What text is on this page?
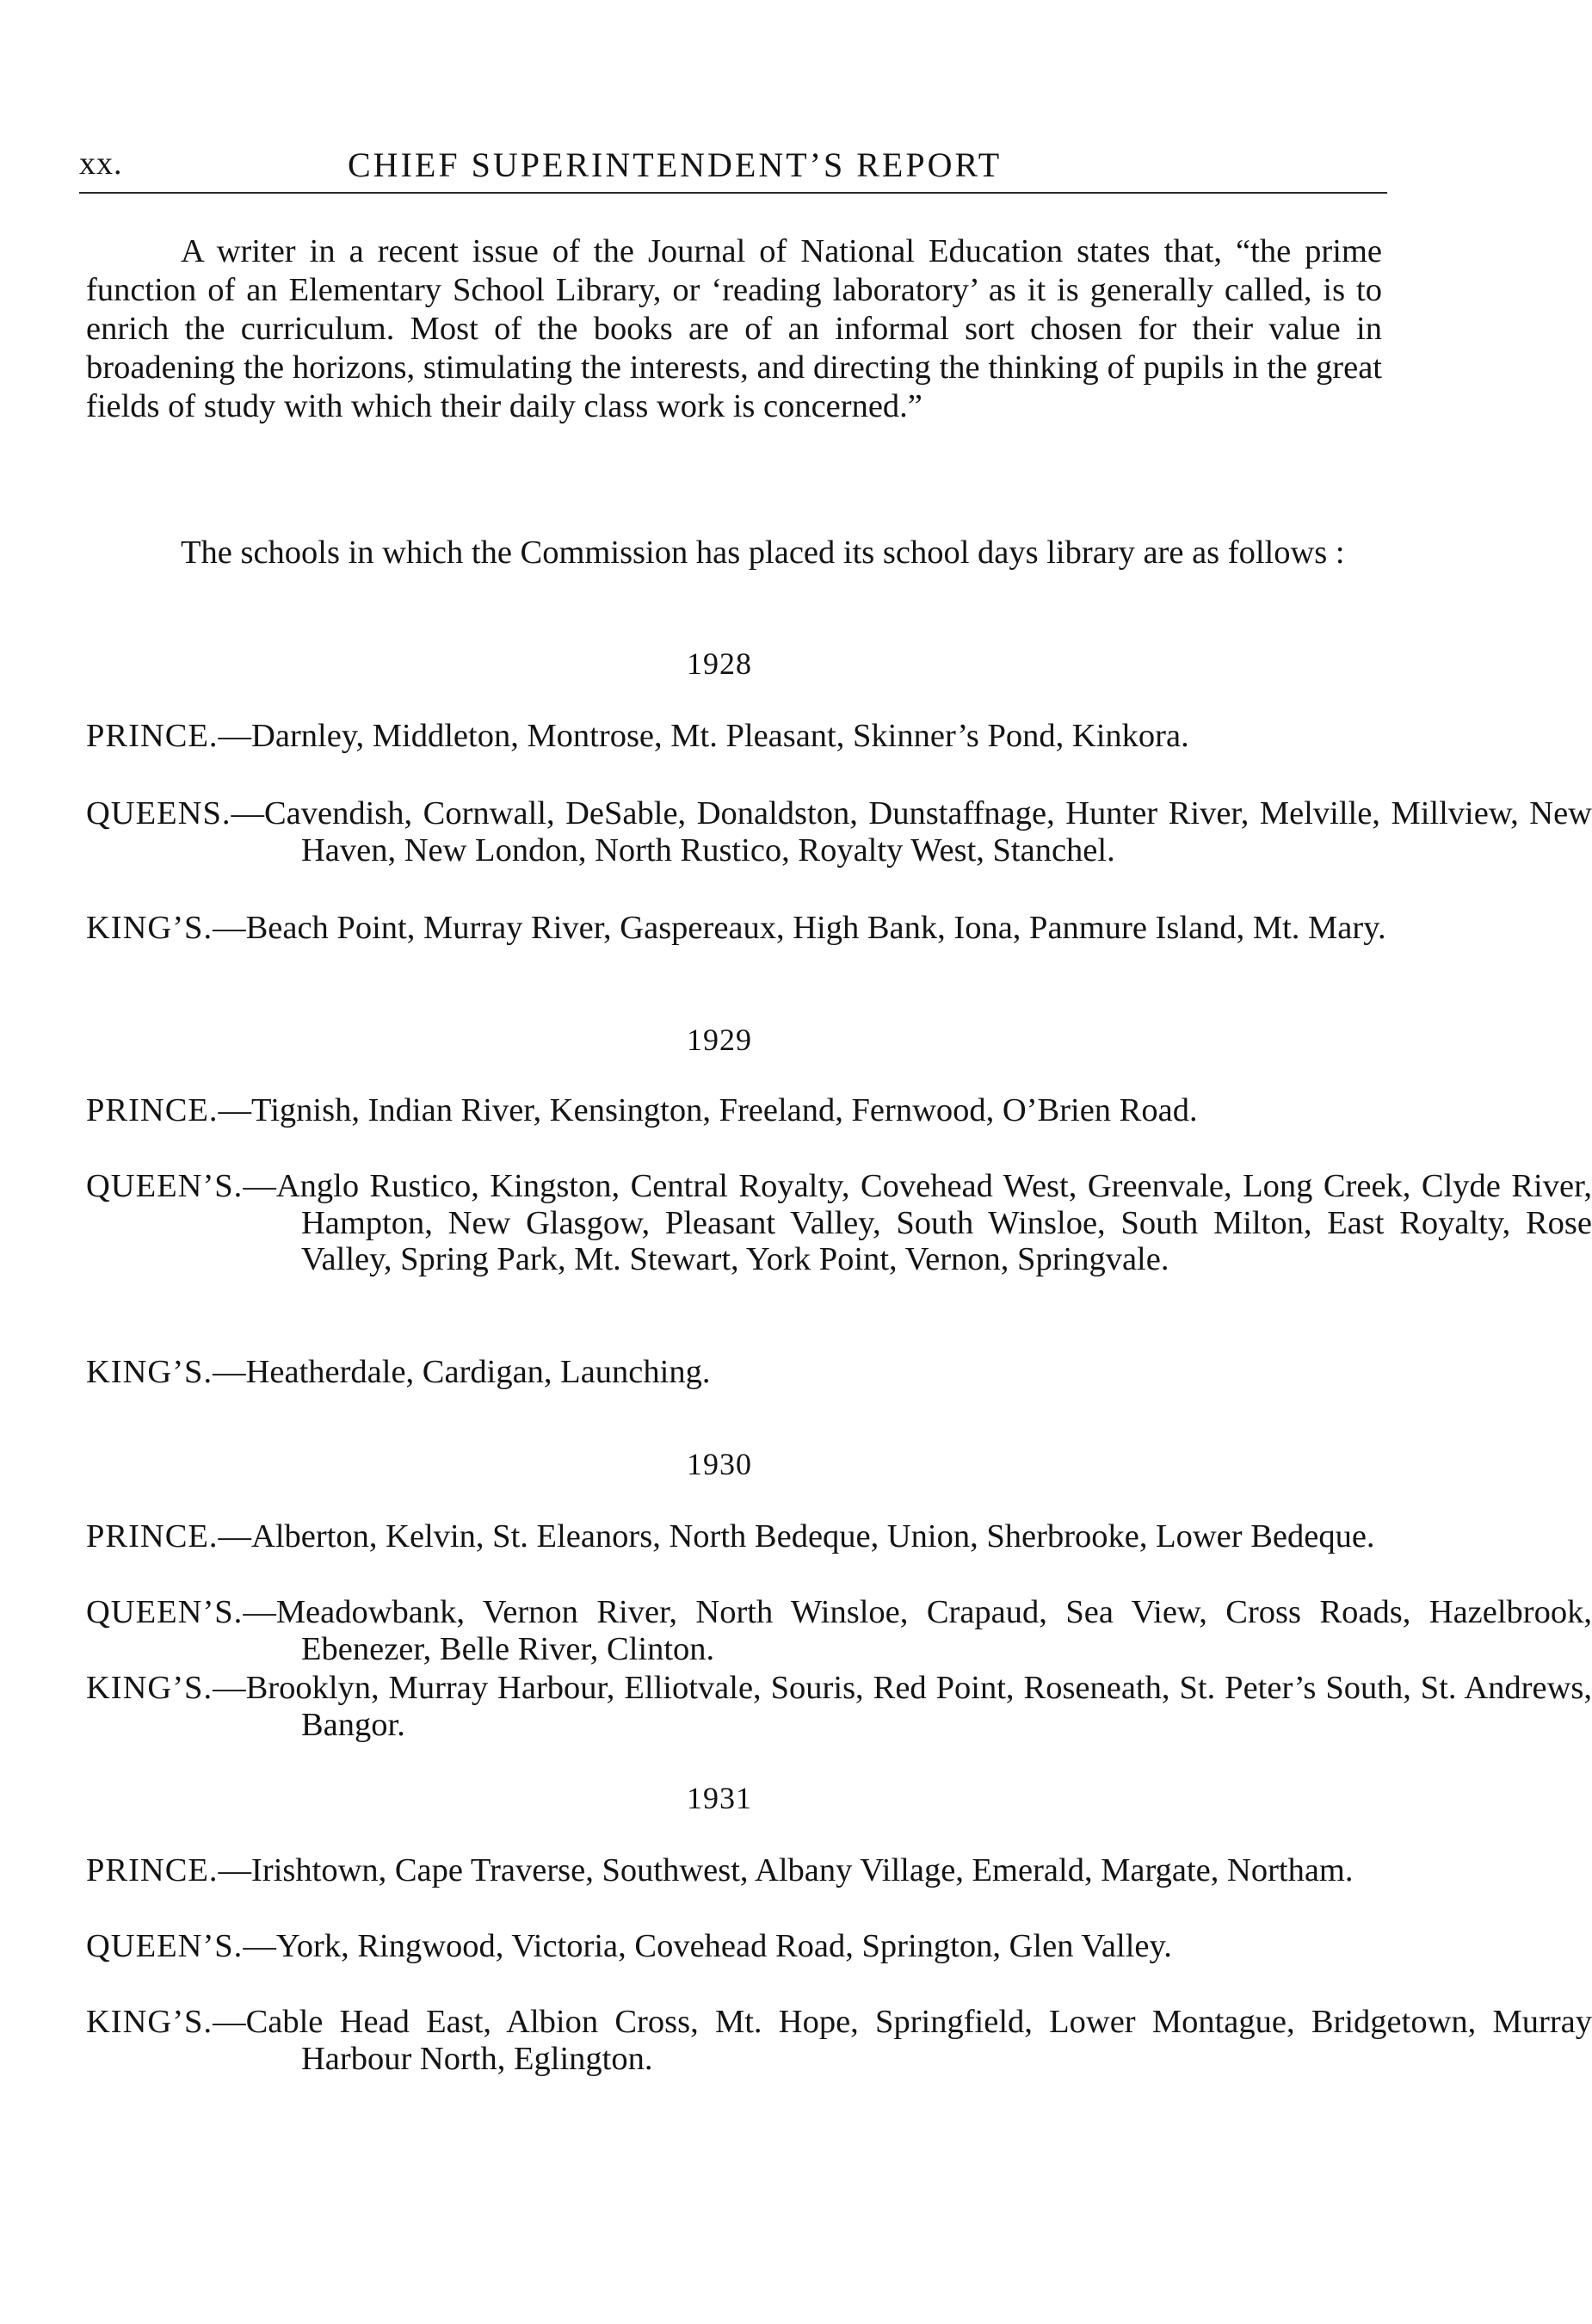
xx.	CHIEF SUPERINTENDENT’S REPORT

A writer in a recent issue of the Journal of National Education states that, “the prime function of an Elementary School Library, or ‘reading laboratory’ as it is generally called, is to enrich the curriculum. Most of the books are of an informal sort chosen for their value in broadening the horizons, stimulating the interests, and directing the thinking of pupils in the great fields of study with which their daily class work is concerned.”

The schools in which the Commission has placed its school days library are as follows :

1928

PRINCE.—Darnley, Middleton, Montrose, Mt. Pleasant, Skinner’s Pond, Kinkora.

QUEENS.—Cavendish, Cornwall, DeSable, Donaldston, Dunstaffnage, Hunter River, Melville, Millview, New Haven, New London, North Rustico, Royalty West, Stanchel.

KING’S.—Beach Point, Murray River, Gaspereaux, High Bank, Iona, Panmure Island, Mt. Mary.

1929

PRINCE.—Tignish, Indian River, Kensington, Freeland, Fernwood, O’Brien Road.

QUEEN’S.—Anglo Rustico, Kingston, Central Royalty, Covehead West, Greenvale, Long Creek, Clyde River, Hampton, New Glasgow, Pleasant Valley, South Winsloe, South Milton, East Royalty, Rose Valley, Spring Park, Mt. Stewart, York Point, Vernon, Springvale.

KING’S.—Heatherdale, Cardigan, Launching.

1930

PRINCE.—Alberton, Kelvin, St. Eleanors, North Bedeque, Union, Sherbrooke, Lower Bedeque.

QUEEN’S.—Meadowbank, Vernon River, North Winsloe, Crapaud, Sea View, Cross Roads, Hazelbrook, Ebenezer, Belle River, Clinton.

KING’S.—Brooklyn, Murray Harbour, Elliotvale, Souris, Red Point, Roseneath, St. Peter’s South, St. Andrews, Bangor.

1931

PRINCE.—Irishtown, Cape Traverse, Southwest, Albany Village, Emerald, Margate, Northam.

QUEEN’S.—York, Ringwood, Victoria, Covehead Road, Springton, Glen Valley.

KING’S.—Cable Head East, Albion Cross, Mt. Hope, Springfield, Lower Montague, Bridgetown, Murray Harbour North, Eglington.
